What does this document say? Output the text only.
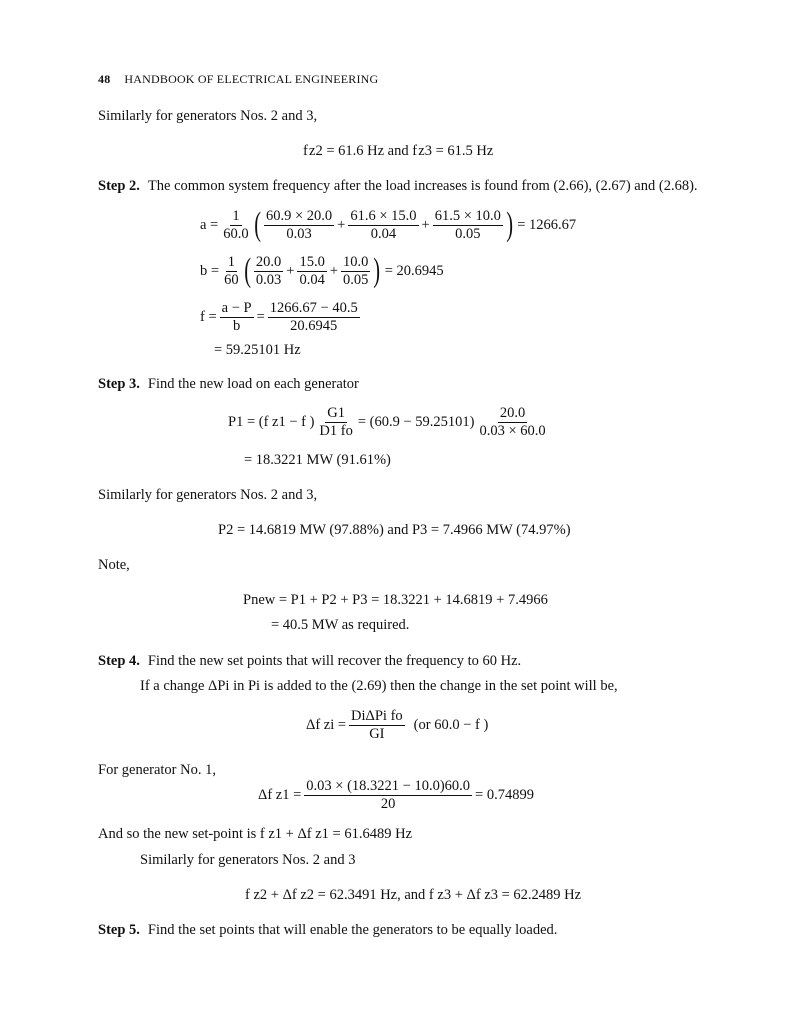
48 HANDBOOK OF ELECTRICAL ENGINEERING
Similarly for generators Nos. 2 and 3,
f z2 = 61.6 Hz and f z3 = 61.5 Hz
Step 2. The common system frequency after the load increases is found from (2.66), (2.67) and (2.68).
$a = \frac{1}{60.0}$ ( $\frac{60.9 \times 20.0}{0.03} + \frac{61.6 \times 15.0}{0.04} + \frac{61.5 \times 10.0}{0.05}$ ) = 1266.67
$b = \frac{1}{60}$ ( $\frac{20.0}{0.03} + \frac{15.0}{0.04} + \frac{10.0}{0.05}$ ) = 20.6945
$f = \frac{a - P}{b} = \frac{1266.67 - 40.5}{20.6945}$
= 59.25101 Hz
Step 3. Find the new load on each generator
P1 = (f z1 − f ) $\frac{G1}{D1 fo} = (60.9 - 59.25101) \frac{20.0}{0.03 \times 60.0}$
= 18.3221 MW (91.61%)
Similarly for generators Nos. 2 and 3,
P2 = 14.6819 MW (97.88%) and P3 = 7.4966 MW (74.97%)
Note,
Pnew = P1 + P2 + P3 = 18.3221 + 14.6819 + 7.4966
= 40.5 MW as required.
Step 4. Find the new set points that will recover the frequency to 60 Hz.
If a change ΔPi in Pi is added to the (2.69) then the change in the set point will be,
Δf zi = $\frac{\text{DiΔPi fo}}{GI} (or$ 60.0 − f )
For generator No. 1,
Δf $z1 = \frac{0.03 \times (18.3221 - 10.0)60.0}{20} = 0.74899$
And so the new set-point is f z1 + Δf z1 = 61.6489 Hz
Similarly for generators Nos. 2 and 3
f z2 + Δf z2 = 62.3491 Hz, and f z3 + Δf z3 = 62.2489 Hz
Step 5. Find the set points that will enable the generators to be equally loaded.
